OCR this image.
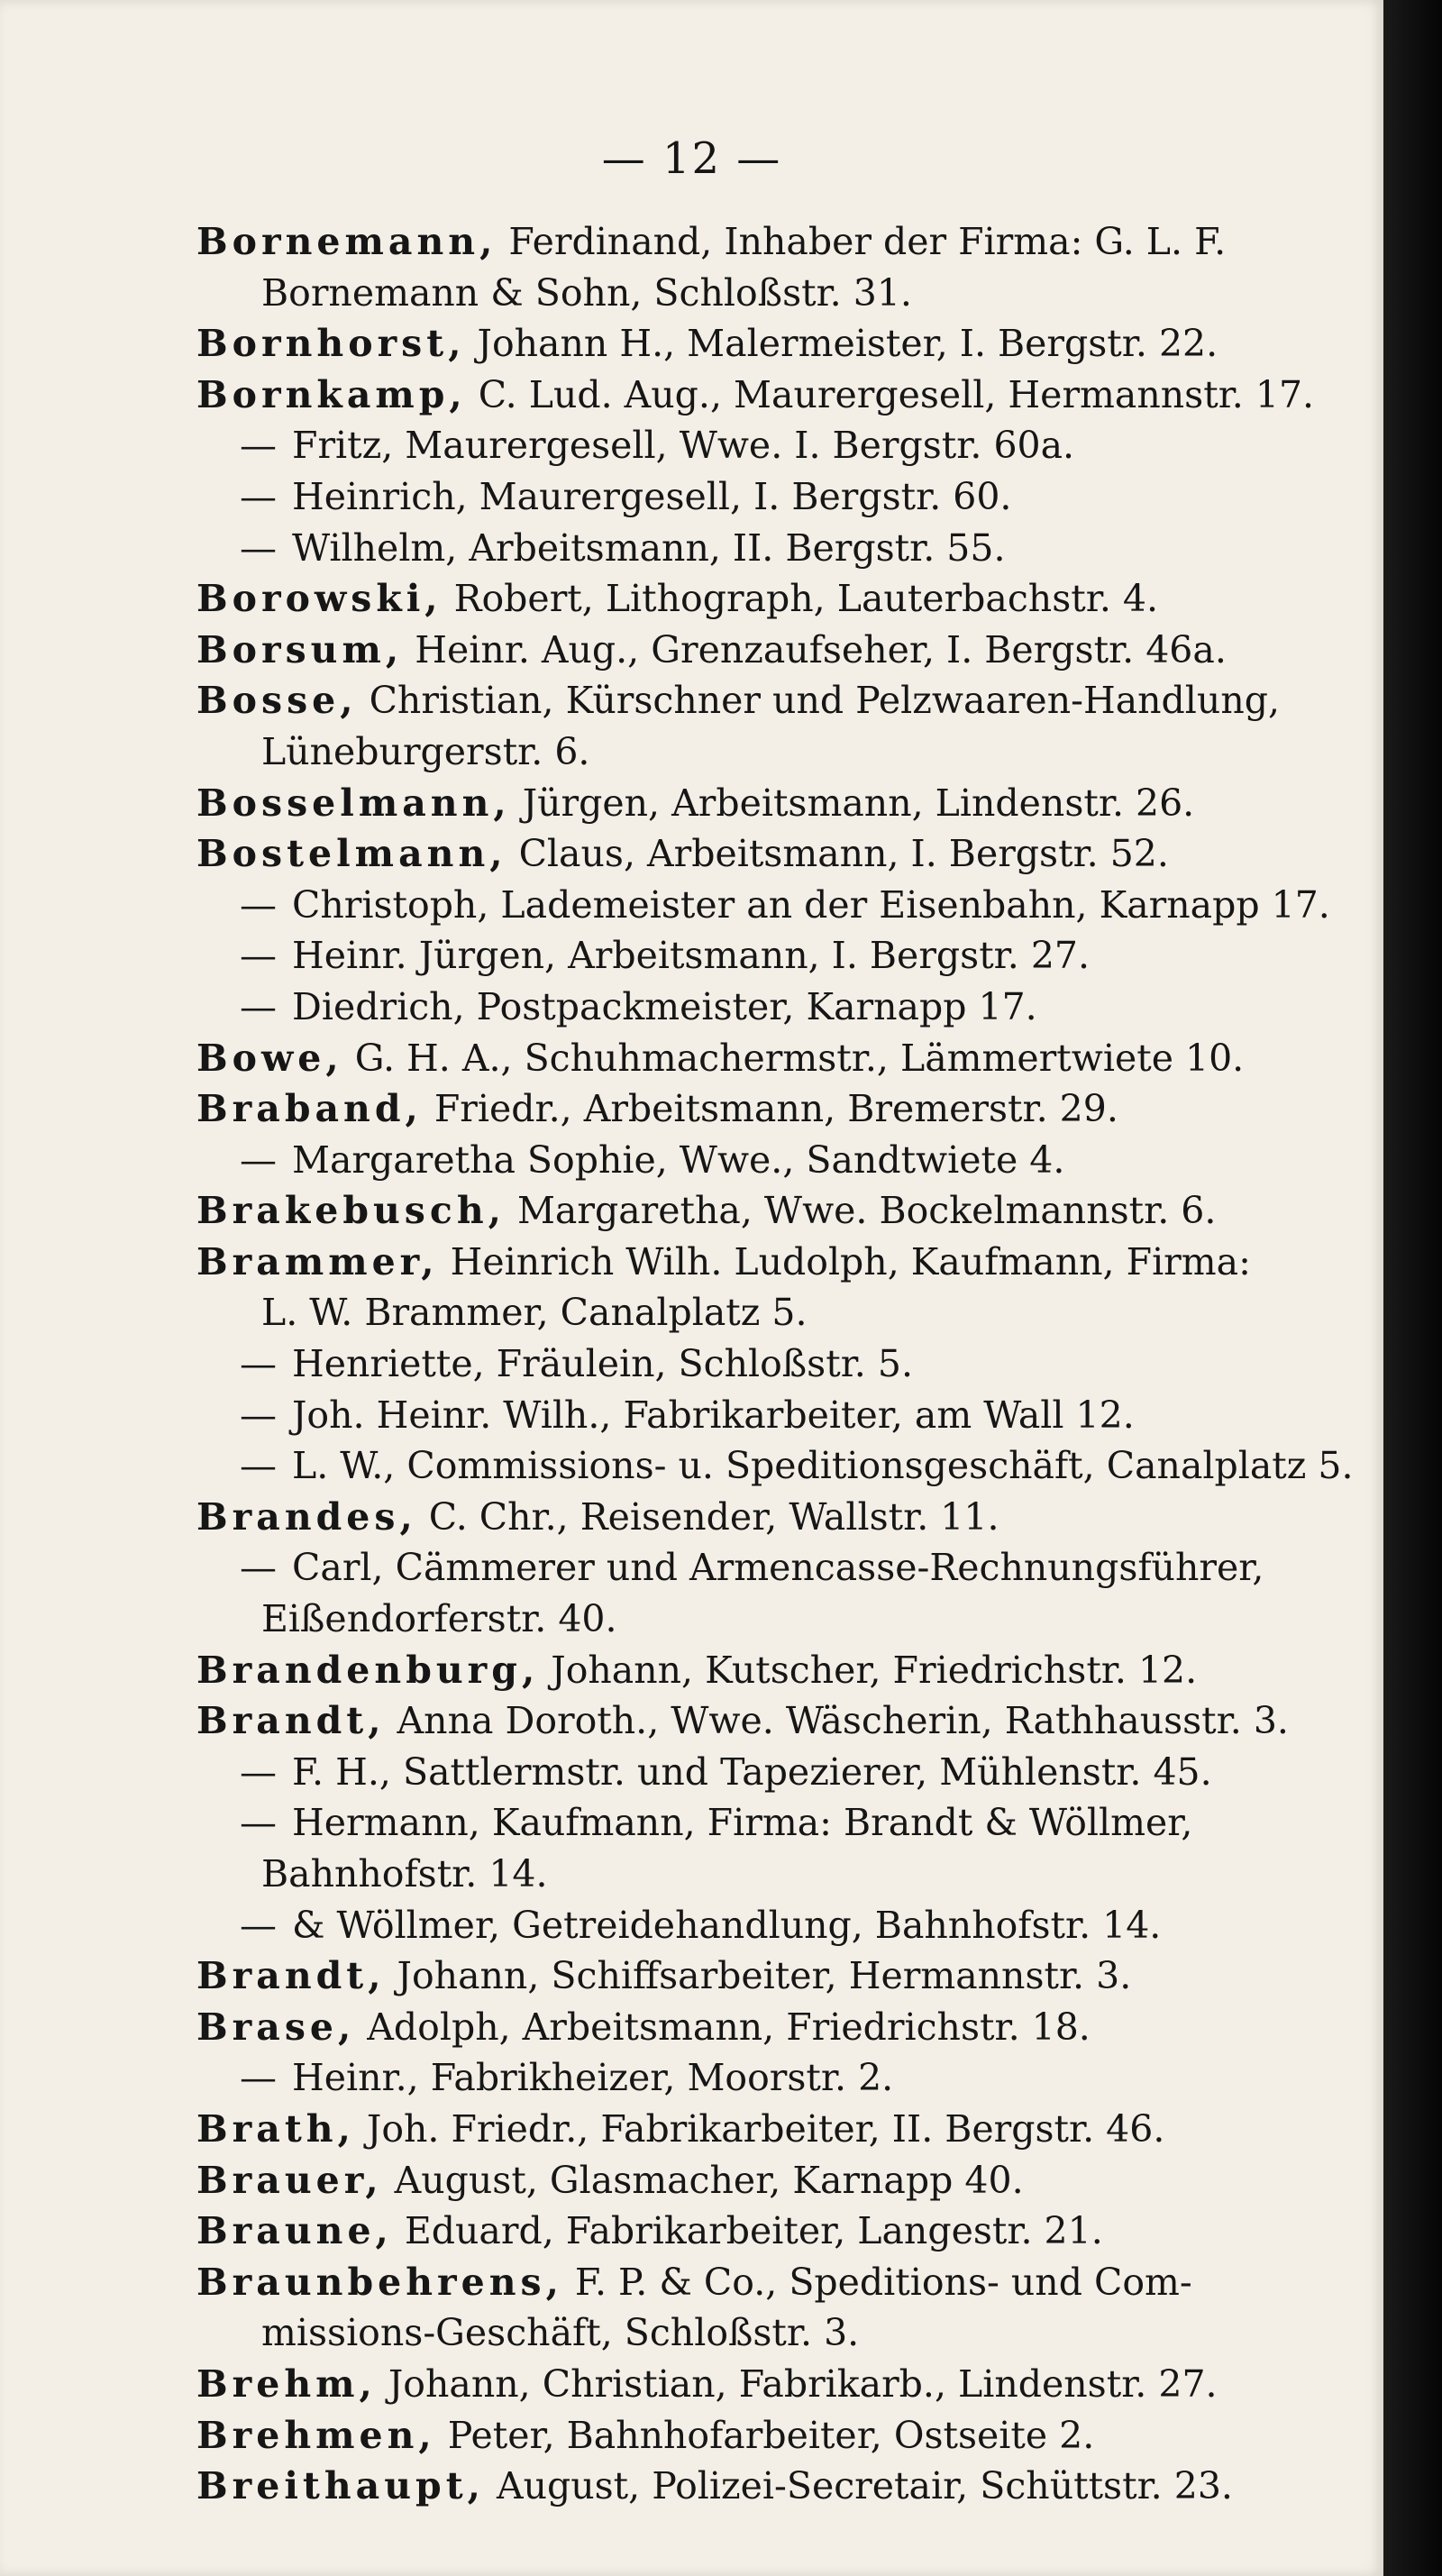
— 12 —
Bornemann, Ferdinand, Inhaber der Firma: G. L. F.
Bornemann & Sohn, Schloßstr. 31.
Bornhorst, Johann H., Malermeister, I. Bergstr. 22.
Bornkamp, C. Lud. Aug., Maurergesell, Hermannstr. 17.
— Fritz, Maurergesell, Wwe. I. Bergstr. 60a.
— Heinrich, Maurergesell, I. Bergstr. 60.
— Wilhelm, Arbeitsmann, II. Bergstr. 55.
Borowski, Robert, Lithograph, Lauterbachstr. 4.
Borsum, Heinr. Aug., Grenzaufseher, I. Bergstr. 46a.
Bosse, Christian, Kürschner und Pelzwaaren-Handlung,
Lüneburgerstr. 6.
Bosselmann, Jürgen, Arbeitsmann, Lindenstr. 26.
Bostelmann, Claus, Arbeitsmann, I. Bergstr. 52.
— Christoph, Lademeister an der Eisenbahn, Karnapp 17.
— Heinr. Jürgen, Arbeitsmann, I. Bergstr. 27.
— Diedrich, Postpackmeister, Karnapp 17.
Bowe, G. H. A., Schuhmachermstr., Lämmertwiete 10.
Braband, Friedr., Arbeitsmann, Bremerstr. 29.
— Margaretha Sophie, Wwe., Sandtwiete 4.
Brakebusch, Margaretha, Wwe. Bockelmannstr. 6.
Brammer, Heinrich Wilh. Ludolph, Kaufmann, Firma:
L. W. Brammer, Canalplatz 5.
— Henriette, Fräulein, Schloßstr. 5.
— Joh. Heinr. Wilh., Fabrikarbeiter, am Wall 12.
— L. W., Commissions- u. Speditionsgeschäft, Canalplatz 5.
Brandes, C. Chr., Reisender, Wallstr. 11.
— Carl, Cämmerer und Armencasse-Rechnungsführer,
Eißendorferstr. 40.
Brandenburg, Johann, Kutscher, Friedrichstr. 12.
Brandt, Anna Doroth., Wwe. Wäscherin, Rathhausstr. 3.
— F. H., Sattlermstr. und Tapezierer, Mühlenstr. 45.
— Hermann, Kaufmann, Firma: Brandt & Wöllmer,
Bahnhofstr. 14.
— & Wöllmer, Getreidehandlung, Bahnhofstr. 14.
Brandt, Johann, Schiffsarbeiter, Hermannstr. 3.
Brase, Adolph, Arbeitsmann, Friedrichstr. 18.
— Heinr., Fabrikheizer, Moorstr. 2.
Brath, Joh. Friedr., Fabrikarbeiter, II. Bergstr. 46.
Brauer, August, Glasmacher, Karnapp 40.
Braune, Eduard, Fabrikarbeiter, Langestr. 21.
Braunbehrens, F. P. & Co., Speditions- und Com-
missions-Geschäft, Schloßstr. 3.
Brehm, Johann, Christian, Fabrikarb., Lindenstr. 27.
Brehmen, Peter, Bahnhofarbeiter, Ostseite 2.
Breithaupt, August, Polizei-Secretair, Schüttstr. 23.
